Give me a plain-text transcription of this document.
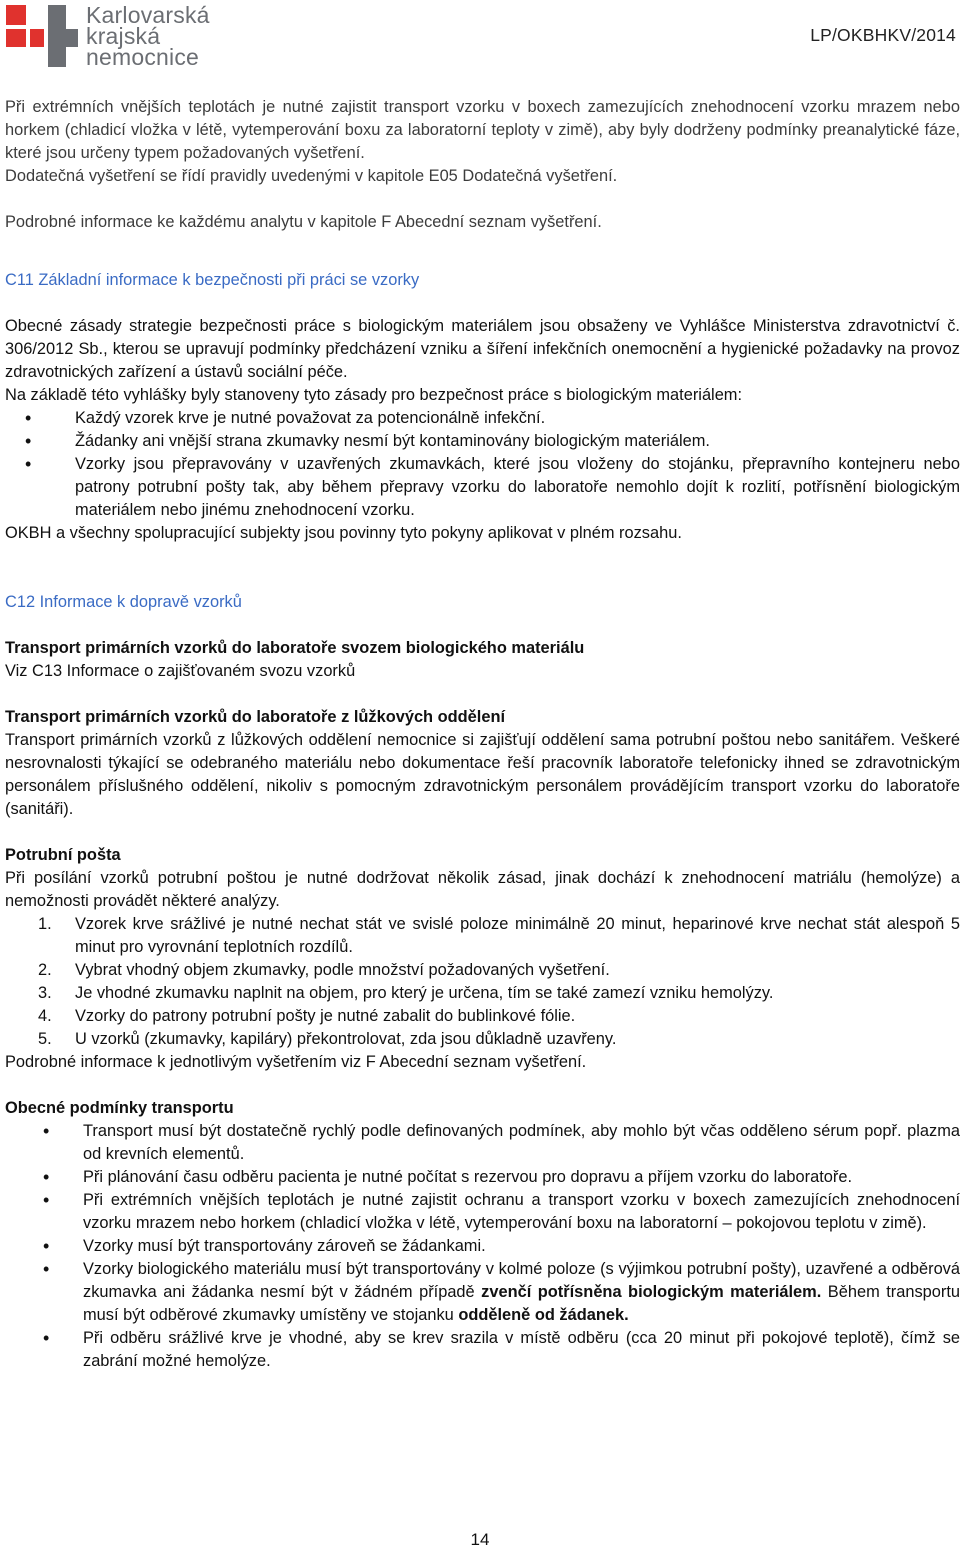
Karlovarská
krajská
nemocnice
LP/OKBHKV/2014

Při extrémních vnějších teplotách je nutné zajistit transport vzorku v boxech zamezujících znehodnocení vzorku mrazem nebo horkem (chladicí vložka v létě, vytemperování boxu za laboratorní teploty v zimě), aby byly dodrženy podmínky preanalytické fáze, které jsou určeny typem požadovaných vyšetření.

Dodatečná vyšetření se řídí pravidly uvedenými v kapitole E05 Dodatečná vyšetření.

Podrobné informace ke každému analytu v kapitole F Abecední seznam vyšetření.

C11 Základní informace k bezpečnosti při práci se vzorky

Obecné zásady strategie bezpečnosti práce s biologickým materiálem jsou obsaženy ve Vyhlášce Ministerstva zdravotnictví č. 306/2012 Sb., kterou se upravují podmínky předcházení vzniku a šíření infekčních onemocnění a hygienické požadavky na provoz zdravotnických zařízení a ústavů sociální péče.

Na základě této vyhlášky byly stanoveny tyto zásady pro bezpečnost práce s biologickým materiálem:

• Každý vzorek krve je nutné považovat za potencionálně infekční.
• Žádanky ani vnější strana zkumavky nesmí být kontaminovány biologickým materiálem.
• Vzorky jsou přepravovány v uzavřených zkumavkách, které jsou vloženy do stojánku, přepravního kontejneru nebo patrony potrubní pošty tak, aby během přepravy vzorku do laboratoře nemohlo dojít k rozlití, potřísnění biologickým materiálem nebo jinému znehodnocení vzorku.

OKBH a všechny spolupracující subjekty jsou povinny tyto pokyny aplikovat v plném rozsahu.

C12 Informace k dopravě vzorků

Transport primárních vzorků do laboratoře svozem biologického materiálu

Viz C13 Informace o zajišťovaném svozu vzorků

Transport primárních vzorků do laboratoře z lůžkových oddělení

Transport primárních vzorků z lůžkových oddělení nemocnice si zajišťují oddělení sama potrubní poštou nebo sanitářem. Veškeré nesrovnalosti týkající se odebraného materiálu nebo dokumentace řeší pracovník laboratoře telefonicky ihned se zdravotnickým personálem příslušného oddělení, nikoliv s pomocným zdravotnickým personálem provádějícím transport vzorku do laboratoře (sanitáři).

Potrubní pošta

Při posílání vzorků potrubní poštou je nutné dodržovat několik zásad, jinak dochází k znehodnocení matriálu (hemolýze) a nemožnosti provádět některé analýzy.

1. Vzorek krve srážlivé je nutné nechat stát ve svislé poloze minimálně 20 minut, heparinové krve nechat stát alespoň 5 minut pro vyrovnání teplotních rozdílů.
2. Vybrat vhodný objem zkumavky, podle množství požadovaných vyšetření.
3. Je vhodné zkumavku naplnit na objem, pro který je určena, tím se také zamezí vzniku hemolýzy.
4. Vzorky do patrony potrubní pošty je nutné zabalit do bublinkové fólie.
5. U vzorků (zkumavky, kapiláry) překontrolovat, zda jsou důkladně uzavřeny.

Podrobné informace k jednotlivým vyšetřením viz F Abecední seznam vyšetření.

Obecné podmínky transportu

• Transport musí být dostatečně rychlý podle definovaných podmínek, aby mohlo být včas odděleno sérum popř. plazma od krevních elementů.
• Při plánování času odběru pacienta je nutné počítat s rezervou pro dopravu a příjem vzorku do laboratoře.
• Při extrémních vnějších teplotách je nutné zajistit ochranu a transport vzorku v boxech zamezujících znehodnocení vzorku mrazem nebo horkem (chladicí vložka v létě, vytemperování boxu na laboratorní – pokojovou teplotu v zimě).
• Vzorky musí být transportovány zároveň se žádankami.
• Vzorky biologického materiálu musí být transportovány v kolmé poloze (s výjimkou potrubní pošty), uzavřené a odběrová zkumavka ani žádanka nesmí být v žádném případě zvenčí potřísněna biologickým materiálem. Během transportu musí být odběrové zkumavky umístěny ve stojanku odděleně od žádanek.
• Při odběru srážlivé krve je vhodné, aby se krev srazila v místě odběru (cca 20 minut při pokojové teplotě), čímž se zabrání možné hemolýze.
14
